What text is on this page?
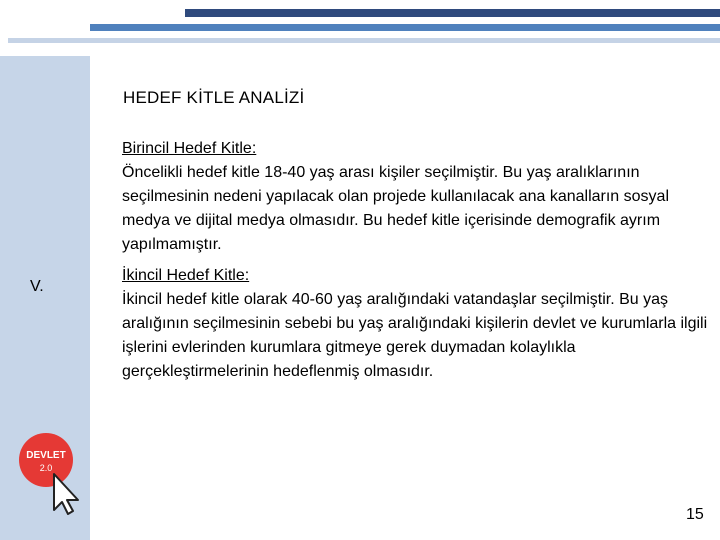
HEDEF KİTLE ANALİZİ
V.
Birincil Hedef Kitle:
Öncelikli hedef kitle 18-40 yaş arası kişiler seçilmiştir. Bu yaş aralıklarının seçilmesinin nedeni yapılacak olan projede kullanılacak ana kanalların sosyal medya ve dijital medya olmasıdır. Bu hedef kitle içerisinde demografik ayrım yapılmamıştır.
İkincil Hedef Kitle:
İkincil hedef kitle olarak 40-60 yaş aralığındaki vatandaşlar seçilmiştir. Bu yaş aralığının seçilmesinin sebebi bu yaş aralığındaki kişilerin devlet ve kurumlarla ilgili işlerini evlerinden kurumlara gitmeye gerek duymadan kolaylıkla gerçekleştirmelerinin hedeflenmiş olmasıdır.
DEVLET
2.0
15
